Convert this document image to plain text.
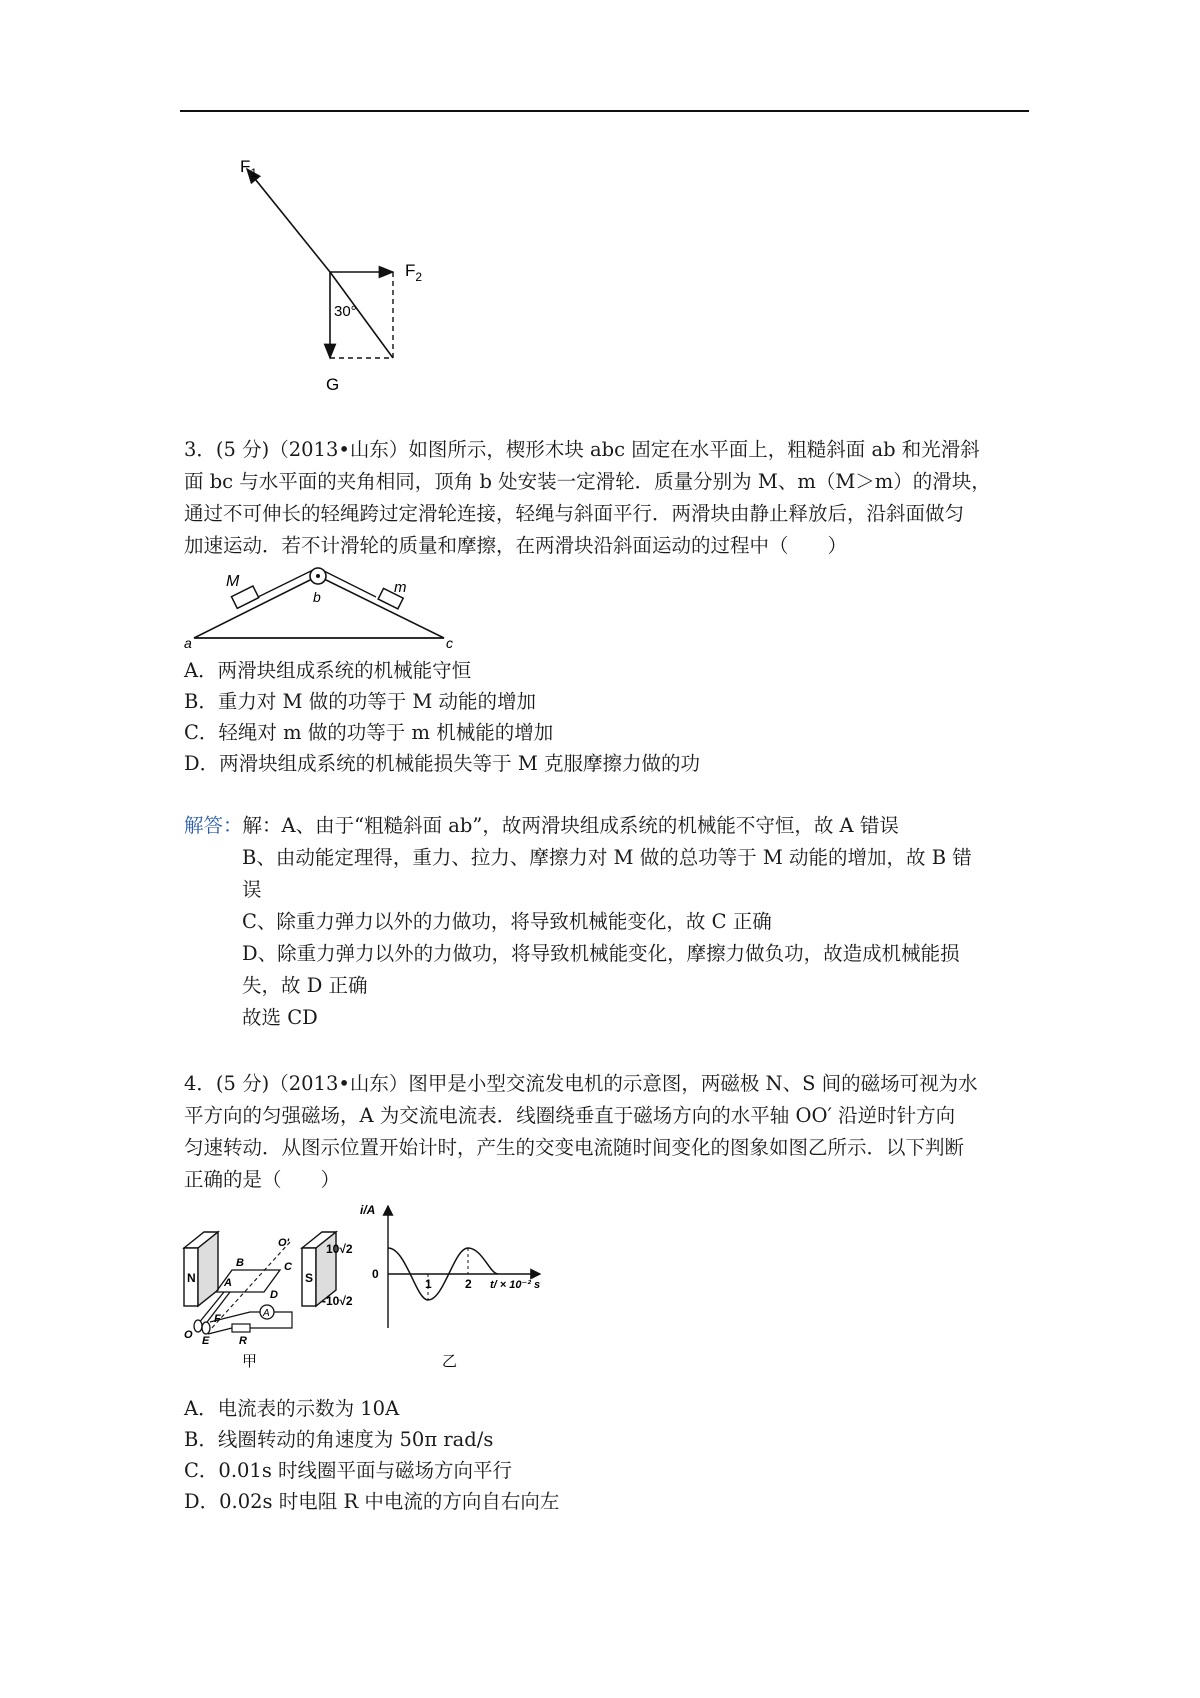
$F_1$
$F_2$
30°
G
3．(5 分)（2013•山东）如图所示，楔形木块 abc 固定在水平面上，粗糙斜面 ab 和光滑斜
面 bc 与水平面的夹角相同，顶角 b 处安装一定滑轮．质量分别为 M、m（M＞m）的滑块，
通过不可伸长的轻绳跨过定滑轮连接，轻绳与斜面平行．两滑块由静止释放后，沿斜面做匀
加速运动．若不计滑轮的质量和摩擦，在两滑块沿斜面运动的过程中（　　）
M	m
b
a	c
A．两滑块组成系统的机械能守恒
B．重力对 M 做的功等于 M 动能的增加
C．轻绳对 m 做的功等于 m 机械能的增加
D．两滑块组成系统的机械能损失等于 M 克服摩擦力做的功
解答：解：A、由于“粗糙斜面 ab”，故两滑块组成系统的机械能不守恒，故 A 错误
B、由动能定理得，重力、拉力、摩擦力对 M 做的总功等于 M 动能的增加，故 B 错
误
C、除重力弹力以外的力做功，将导致机械能变化，故 C 正确
D、除重力弹力以外的力做功，将导致机械能变化，摩擦力做负功，故造成机械能损
失，故 D 正确
故选 CD
4．(5 分)（2013•山东）图甲是小型交流发电机的示意图，两磁极 N、S 间的磁场可视为水
平方向的匀强磁场，A 为交流电流表．线圈绕垂直于磁场方向的水平轴 OO′ 沿逆时针方向
匀速转动．从图示位置开始计时，产生的交变电流随时间变化的图象如图乙所示．以下判断
正确的是（　　）
N	S
A
R
O'
O
B	C
A
D
E
F
甲
i/A
10√2
-10√2
0
1	2 t/ × 10⁻² s
乙
A．电流表的示数为 10A
B．线圈转动的角速度为 50π rad/s
C．0.01s 时线圈平面与磁场方向平行
D．0.02s 时电阻 R 中电流的方向自右向左
